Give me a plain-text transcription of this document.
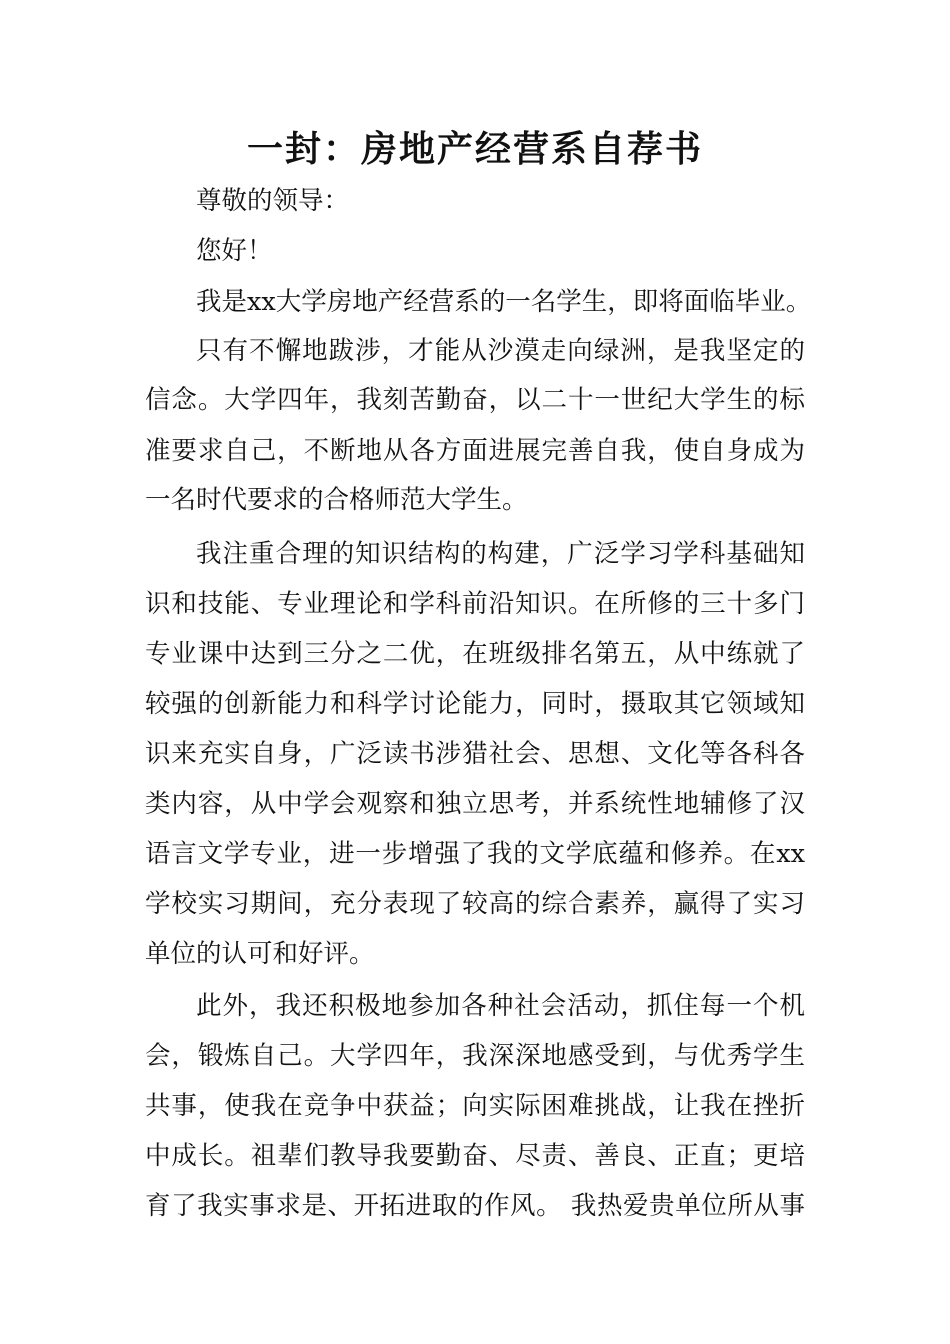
一封：房地产经营系自荐书

尊敬的领导：

您好！

我是xx大学房地产经营系的一名学生，即将面临毕业。

只有不懈地跋涉，才能从沙漠走向绿洲，是我坚定的

信念。大学四年，我刻苦勤奋，以二十一世纪大学生的标

准要求自己，不断地从各方面进展完善自我，使自身成为

一名时代要求的合格师范大学生。

我注重合理的知识结构的构建，广泛学习学科基础知

识和技能、专业理论和学科前沿知识。在所修的三十多门

专业课中达到三分之二优，在班级排名第五，从中练就了

较强的创新能力和科学讨论能力，同时，摄取其它领域知

识来充实自身，广泛读书涉猎社会、思想、文化等各科各

类内容，从中学会观察和独立思考，并系统性地辅修了汉

语言文学专业，进一步增强了我的文学底蕴和修养。在xx

学校实习期间，充分表现了较高的综合素养，赢得了实习

单位的认可和好评。

此外，我还积极地参加各种社会活动，抓住每一个机

会，锻炼自己。大学四年，我深深地感受到，与优秀学生

共事，使我在竞争中获益；向实际困难挑战，让我在挫折

中成长。祖辈们教导我要勤奋、尽责、善良、正直；更培

育了我实事求是、开拓进取的作风。 我热爱贵单位所从事
